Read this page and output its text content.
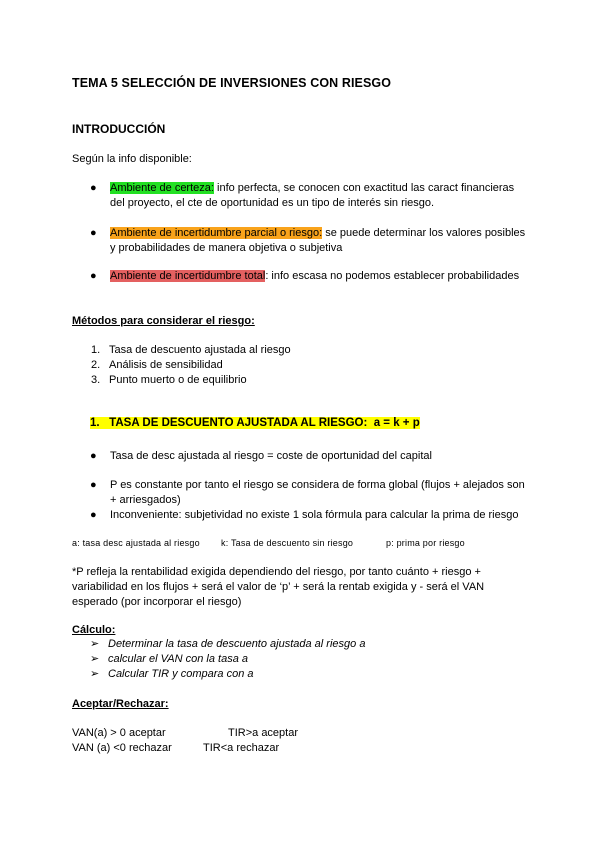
TEMA 5 SELECCIÓN DE INVERSIONES CON RIESGO
INTRODUCCIÓN

Según la info disponible:

● Ambiente de certeza: info perfecta, se conocen con exactitud las caract financieras
del proyecto, el cte de oportunidad es un tipo de interés sin riesgo.
● Ambiente de incertidumbre parcial o riesgo: se puede determinar los valores posibles
y probabilidades de manera objetiva o subjetiva
● Ambiente de incertidumbre total: info escasa no podemos establecer probabilidades

Métodos para considerar el riesgo:

1. Tasa de descuento ajustada al riesgo
2. Análisis de sensibilidad
3. Punto muerto o de equilibrio
1.   TASA DE DESCUENTO AJUSTADA AL RIESGO:  a = k + p
● Tasa de desc ajustada al riesgo = coste de oportunidad del capital
● P es constante por tanto el riesgo se considera de forma global (flujos + alejados son
+ arriesgados)
● Inconveniente: subjetividad no existe 1 sola fórmula para calcular la prima de riesgo

a: tasa desc ajustada al riesgo k: Tasa de descuento sin riesgo	p: prima por riesgo

*P refleja la rentabilidad exigida dependiendo del riesgo, por tanto cuánto + riesgo +
variabilidad en los flujos + será el valor de ‘p’ + será la rentab exigida y - será el VAN
esperado (por incorporar el riesgo)

Cálculo:

➢ Determinar la tasa de descuento ajustada al riesgo a
➢ calcular el VAN con la tasa a
➢ Calcular TIR y compara con a

Aceptar/Rechazar:

VAN(a) > 0 aceptar	TIR>a aceptar

VAN (a) <0 rechazar	TIR<a rechazar
